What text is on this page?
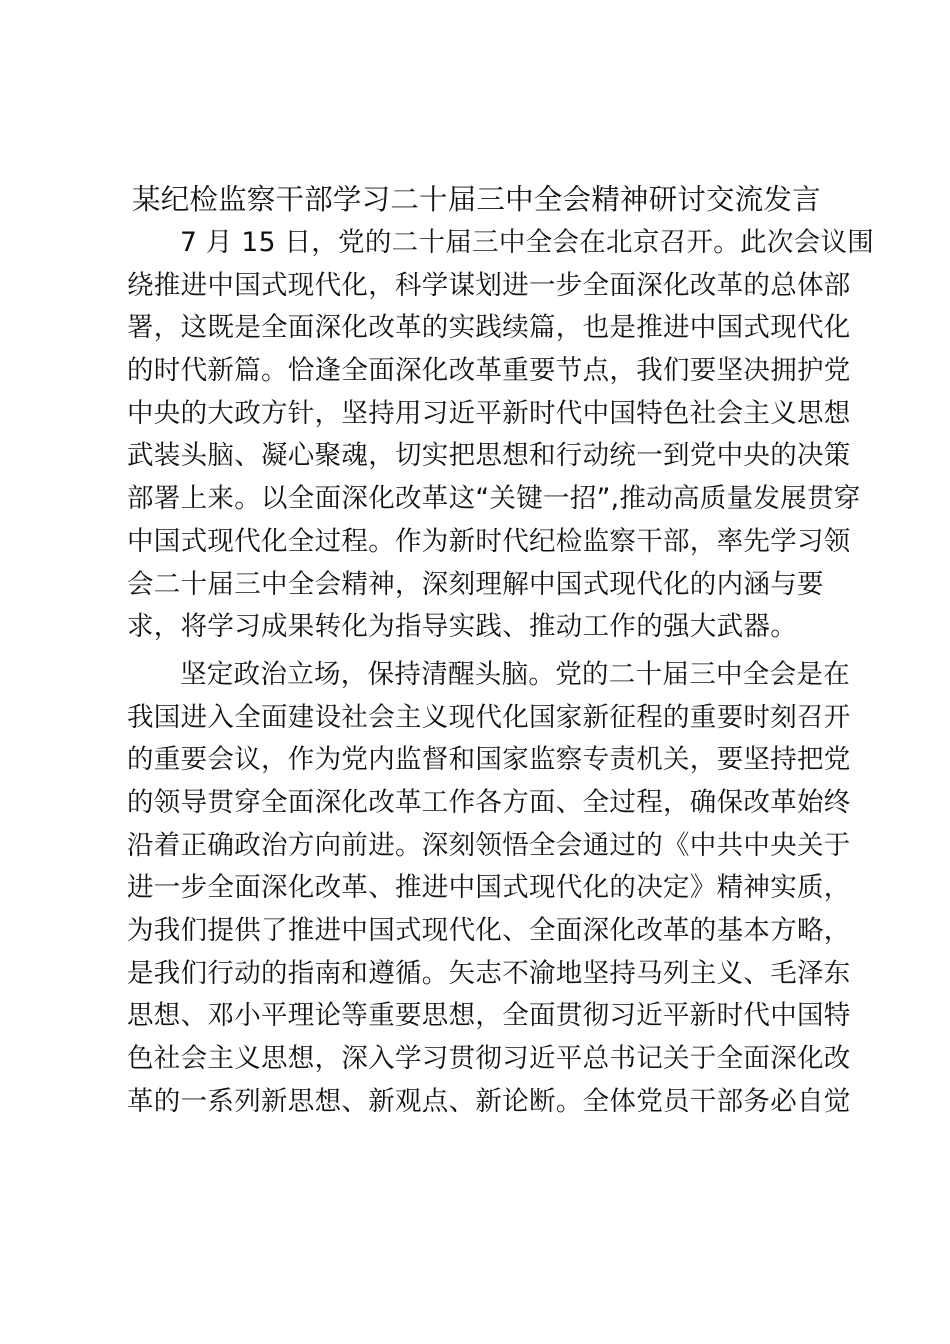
某纪检监察干部学习二十届三中全会精神研讨交流发言

7 月 15 日，党的二十届三中全会在北京召开。此次会议围
绕推进中国式现代化，科学谋划进一步全面深化改革的总体部
署，这既是全面深化改革的实践续篇，也是推进中国式现代化
的时代新篇。恰逢全面深化改革重要节点，我们要坚决拥护党
中央的大政方针，坚持用习近平新时代中国特色社会主义思想
武装头脑、凝心聚魂，切实把思想和行动统一到党中央的决策
部署上来。以全面深化改革这“关键一招”,推动高质量发展贯穿
中国式现代化全过程。作为新时代纪检监察干部，率先学习领
会二十届三中全会精神，深刻理解中国式现代化的内涵与要
求，将学习成果转化为指导实践、推动工作的强大武器。

坚定政治立场，保持清醒头脑。党的二十届三中全会是在
我国进入全面建设社会主义现代化国家新征程的重要时刻召开
的重要会议，作为党内监督和国家监察专责机关，要坚持把党
的领导贯穿全面深化改革工作各方面、全过程，确保改革始终
沿着正确政治方向前进。深刻领悟全会通过的《中共中央关于
进一步全面深化改革、推进中国式现代化的决定》精神实质，
为我们提供了推进中国式现代化、全面深化改革的基本方略，
是我们行动的指南和遵循。矢志不渝地坚持马列主义、毛泽东
思想、邓小平理论等重要思想，全面贯彻习近平新时代中国特
色社会主义思想，深入学习贯彻习近平总书记关于全面深化改
革的一系列新思想、新观点、新论断。全体党员干部务必自觉
